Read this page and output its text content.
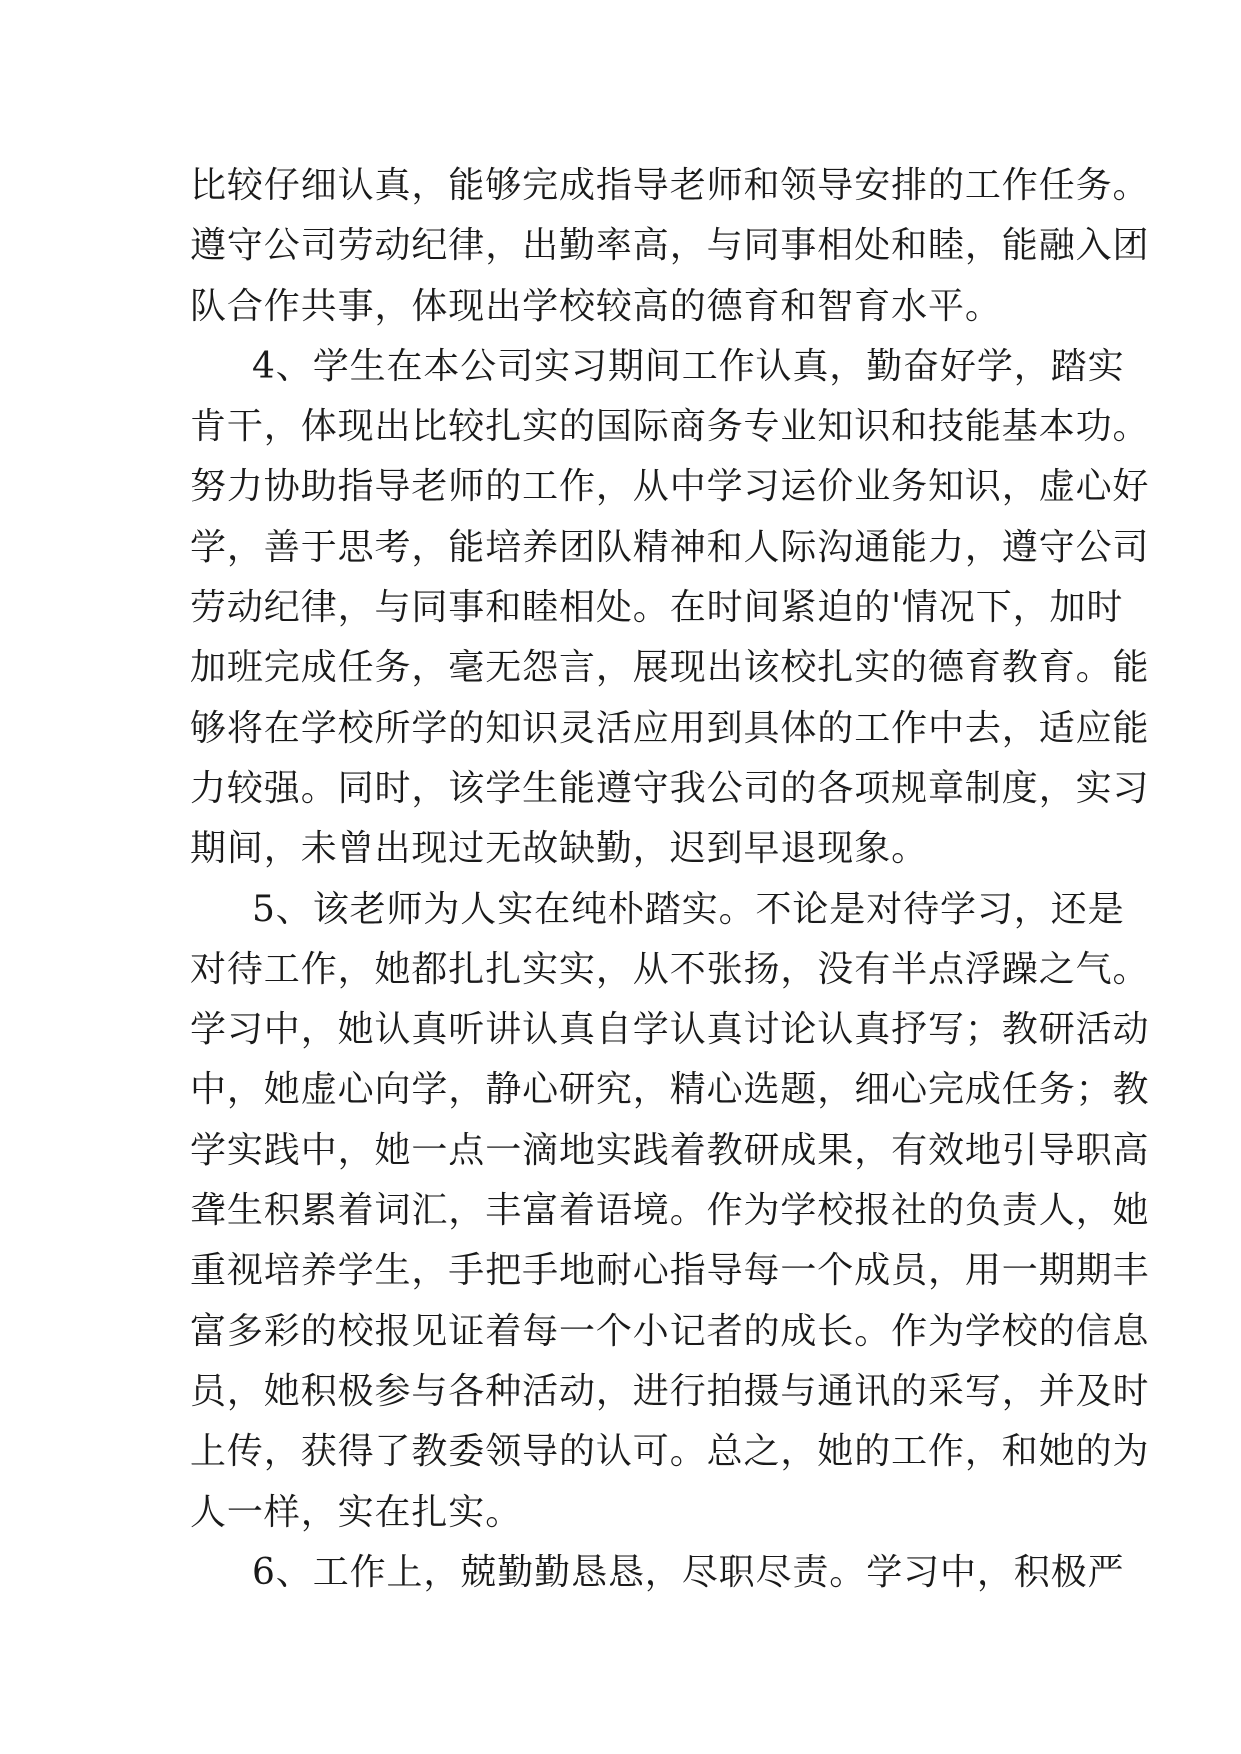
比较仔细认真，能够完成指导老师和领导安排的工作任务。
遵守公司劳动纪律，出勤率高，与同事相处和睦，能融入团
队合作共事，体现出学校较高的德育和智育水平。
4、学生在本公司实习期间工作认真，勤奋好学，踏实
肯干，体现出比较扎实的国际商务专业知识和技能基本功。
努力协助指导老师的工作，从中学习运价业务知识，虚心好
学，善于思考，能培养团队精神和人际沟通能力，遵守公司
劳动纪律，与同事和睦相处。在时间紧迫的'情况下，加时
加班完成任务，毫无怨言，展现出该校扎实的德育教育。能
够将在学校所学的知识灵活应用到具体的工作中去，适应能
力较强。同时，该学生能遵守我公司的各项规章制度，实习
期间，未曾出现过无故缺勤，迟到早退现象。
5、该老师为人实在纯朴踏实。不论是对待学习，还是
对待工作，她都扎扎实实，从不张扬，没有半点浮躁之气。
学习中，她认真听讲认真自学认真讨论认真抒写；教研活动
中，她虚心向学，静心研究，精心选题，细心完成任务；教
学实践中，她一点一滴地实践着教研成果，有效地引导职高
聋生积累着词汇，丰富着语境。作为学校报社的负责人，她
重视培养学生，手把手地耐心指导每一个成员，用一期期丰
富多彩的校报见证着每一个小记者的成长。作为学校的信息
员，她积极参与各种活动，进行拍摄与通讯的采写，并及时
上传，获得了教委领导的认可。总之，她的工作，和她的为
人一样，实在扎实。
6、工作上，兢勤勤恳恳，尽职尽责。学习中，积极严
